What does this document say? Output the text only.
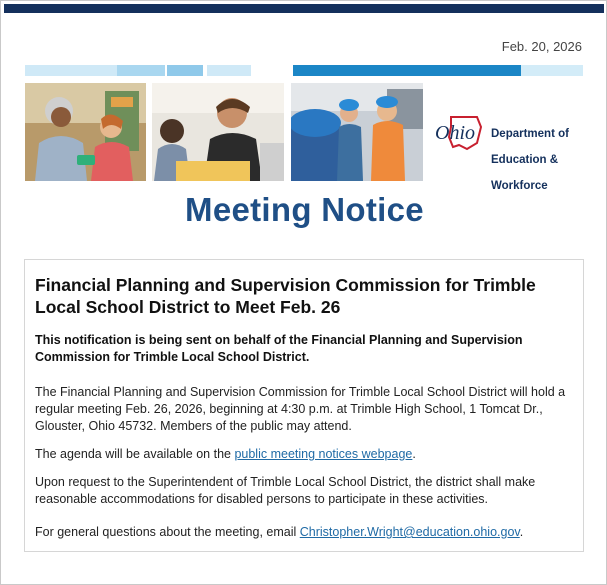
Feb. 20, 2026
Ohio Department of

Education &

Workforce

Meeting Notice
Financial Planning and Supervision Commission for Trimble Local School District to Meet Feb. 26
This notification is being sent on behalf of the Financial Planning and Supervision Commission for Trimble Local School District.
The Financial Planning and Supervision Commission for Trimble Local School District will hold a regular meeting Feb. 26, 2026, beginning at 4:30 p.m. at Trimble High School, 1 Tomcat Dr., Glouster, Ohio 45732. Members of the public may attend.
The agenda will be available on the public meeting notices webpage.
Upon request to the Superintendent of Trimble Local School District, the district shall make reasonable accommodations for disabled persons to participate in these activities.
For general questions about the meeting, email Christopher.Wright@education.ohio.gov.
